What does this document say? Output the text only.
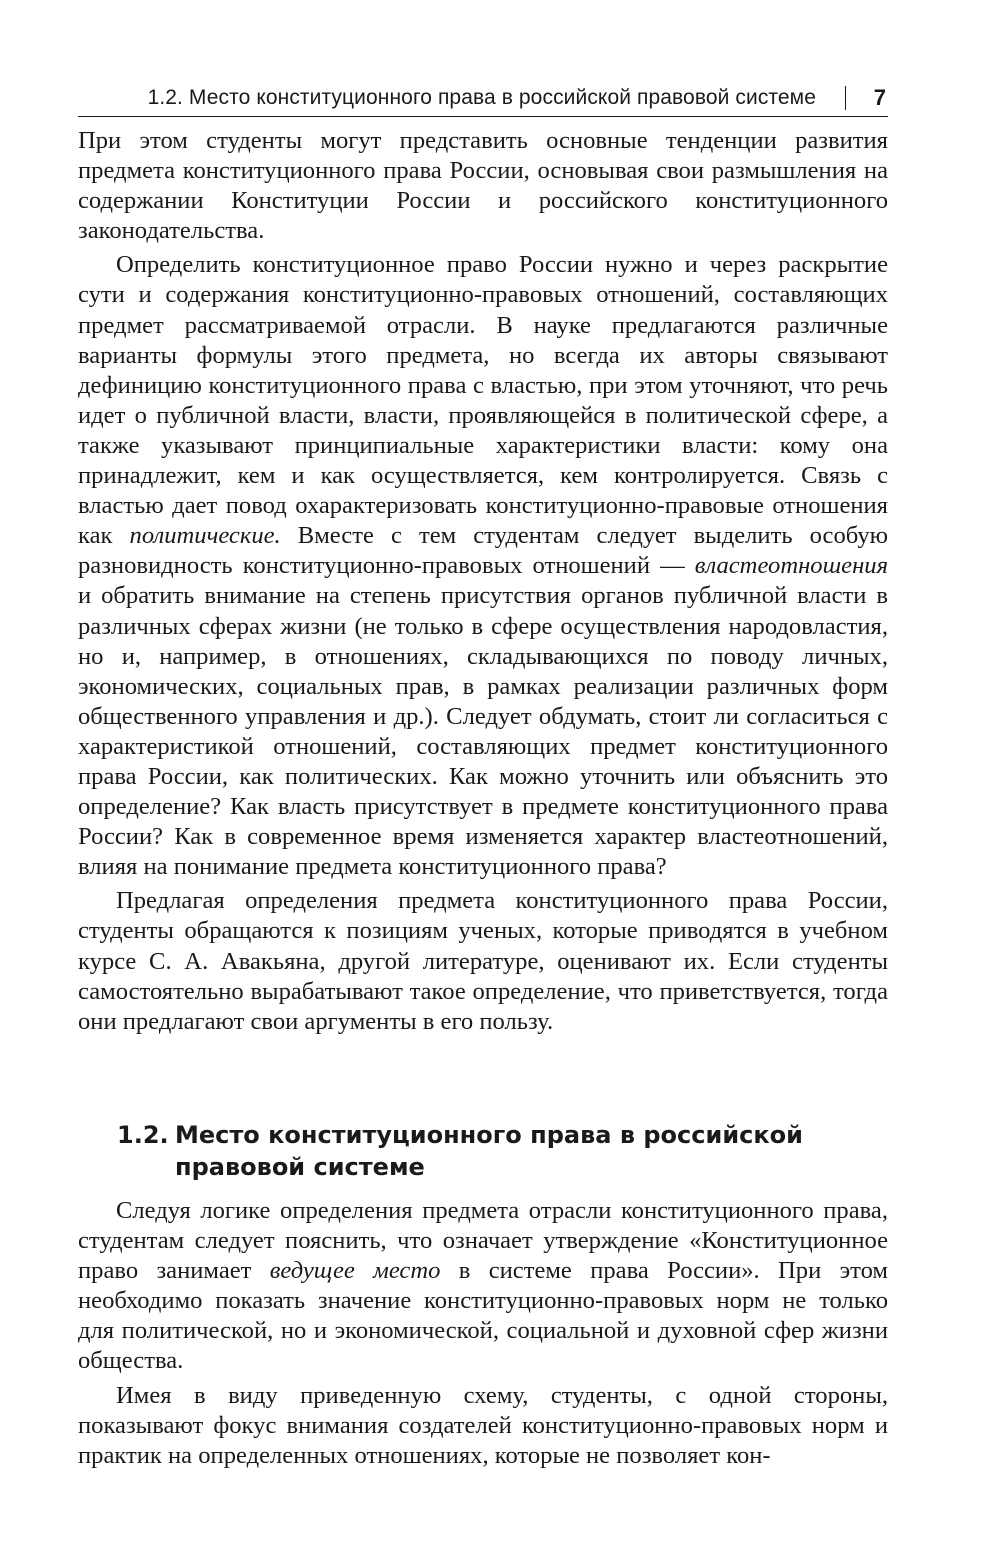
1.2. Место конституционного права в российской правовой системе	7

При этом студенты могут представить основные тенденции развития предмета конституционного права России, основывая свои размышления на содержании Конституции России и российского конституционного законодательства.

Определить конституционное право России нужно и через раскрытие сути и содержания конституционно-правовых отношений, составляющих предмет рассматриваемой отрасли. В науке предлагаются различные варианты формулы этого предмета, но всегда их авторы связывают дефиницию конституционного права с властью, при этом уточняют, что речь идет о публичной власти, власти, проявляющейся в политической сфере, а также указывают принципиальные характеристики власти: кому она принадлежит, кем и как осуществляется, кем контролируется. Связь с властью дает повод охарактеризовать конституционно-правовые отношения как политические. Вместе с тем студентам следует выделить особую разновидность конституционно-правовых отношений — властеотношения и обратить внимание на степень присутствия органов публичной власти в различных сферах жизни (не только в сфере осуществления народовластия, но и, например, в отношениях, складывающихся по поводу личных, экономических, социальных прав, в рамках реализации различных форм общественного управления и др.). Следует обдумать, стоит ли согласиться с характеристикой отношений, составляющих предмет конституционного права России, как политических. Как можно уточнить или объяснить это определение? Как власть присутствует в предмете конституционного права России? Как в современное время изменяется характер властеотношений, влияя на понимание предмета конституционного права?

Предлагая определения предмета конституционного права России, студенты обращаются к позициям ученых, которые приводятся в учебном курсе С. А. Авакьяна, другой литературе, оценивают их. Если студенты самостоятельно вырабатывают такое определение, что приветствуется, тогда они предлагают свои аргументы в его пользу.

1.2. Место конституционного права в российской правовой системе

Следуя логике определения предмета отрасли конституционного права, студентам следует пояснить, что означает утверждение «Конституционное право занимает ведущее место в системе права России». При этом необходимо показать значение конституционно-правовых норм не только для политической, но и экономической, социальной и духовной сфер жизни общества.

Имея в виду приведенную схему, студенты, с одной стороны, показывают фокус внимания создателей конституционно-правовых норм и практик на определенных отношениях, которые не позволяет кон-
